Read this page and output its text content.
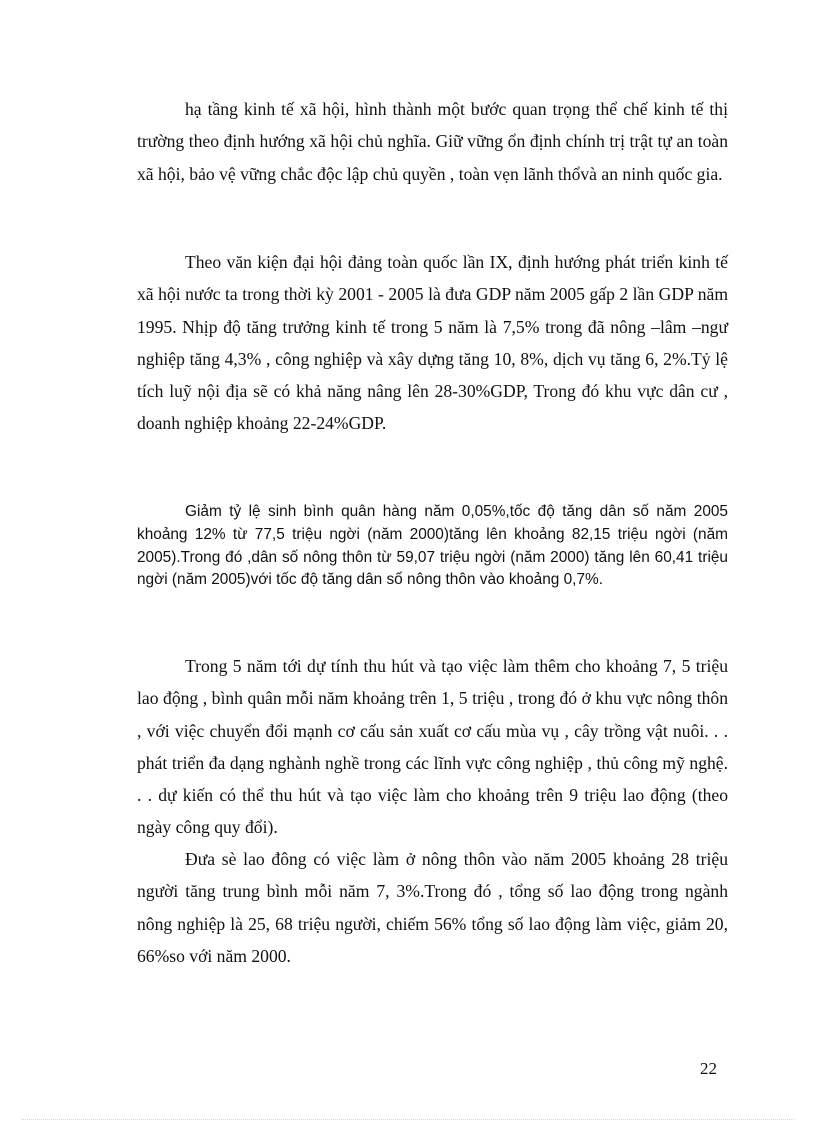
hạ tầng kinh tế xã hội, hình thành một bước quan trọng thể chế kinh tế thị trường theo định hướng xã hội chủ nghĩa. Giữ vững ổn định chính trị trật tự an toàn xã hội, bảo vệ vững chắc độc lập chủ quyền , toàn vẹn lãnh thổvà an ninh quốc gia.

Theo văn kiện đại hội đảng toàn quốc lần IX, định hướng phát triển kinh tế xã hội nước ta trong thời kỳ 2001 - 2005 là đưa GDP năm 2005 gấp 2 lần GDP năm 1995. Nhịp độ tăng trưởng kinh tế trong 5 năm là 7,5% trong đã nông –lâm –ngư nghiệp tăng 4,3% , công nghiệp và xây dựng tăng 10, 8%, dịch vụ tăng 6, 2%.Tỷ lệ tích luỹ nội địa sẽ có khả năng nâng lên 28-30%GDP, Trong đó khu vực dân cư , doanh nghiệp khoảng 22-24%GDP.

Giảm tỷ lệ sinh bình quân hàng năm 0,05%,tốc độ tăng dân số năm 2005 khoảng 12% từ 77,5 triệu ngời (năm 2000)tăng lên khoảng 82,15 triệu ngời (năm 2005).Trong đó ,dân số nông thôn từ 59,07 triệu ngời (năm 2000) tăng lên 60,41 triệu ngời (năm 2005)với tốc độ tăng dân số nông thôn vào khoảng 0,7%.

Trong 5 năm tới dự tính thu hút và tạo việc làm thêm cho khoảng 7, 5 triệu lao động , bình quân mỗi năm khoảng trên 1, 5 triệu , trong đó ở khu vực nông thôn , với việc chuyển đổi mạnh cơ cấu sản xuất cơ cấu mùa vụ , cây trồng vật nuôi. . . phát triển đa dạng nghành nghề trong các lĩnh vực công nghiệp , thủ công mỹ nghệ. . . dự kiến có thể thu hút và tạo việc làm cho khoảng trên 9 triệu lao động (theo ngày công quy đổi).

Đưa sè lao đông có việc làm ở nông thôn vào năm 2005 khoảng 28 triệu người tăng trung bình mỗi năm 7, 3%.Trong đó , tổng số lao động trong ngành nông nghiệp là 25, 68 triệu người, chiếm 56% tổng số lao động làm việc, giảm 20, 66%so với năm 2000.

22
